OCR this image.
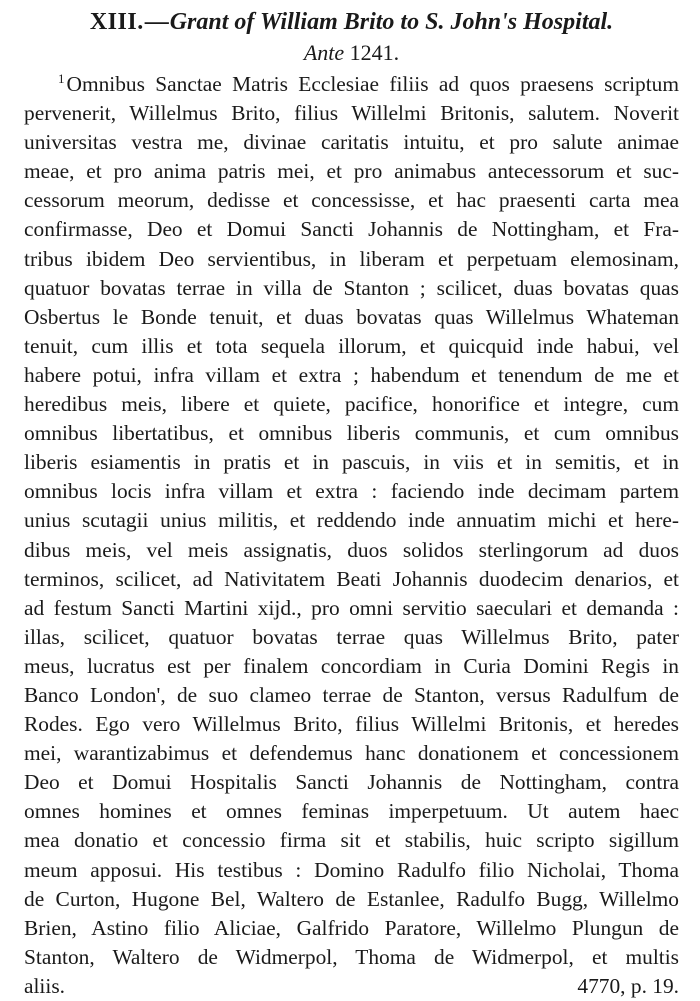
XIII.—Grant of William Brito to S. John's Hospital.

Ante 1241.

$^1$Omnibus Sanctae Matris Ecclesiae filiis ad quos praesens scriptum
pervenerit, Willelmus Brito, filius Willelmi Britonis, salutem. Noverit
universitas vestra me, divinae caritatis intuitu, et pro salute animae
meae, et pro anima patris mei, et pro animabus antecessorum et suc-
cessorum meorum, dedisse et concessisse, et hac praesenti carta mea
confirmasse, Deo et Domui Sancti Johannis de Nottingham, et Fra-
tribus ibidem Deo servientibus, in liberam et perpetuam elemosinam,
quatuor bovatas terrae in villa de Stanton ; scilicet, duas bovatas quas
Osbertus le Bonde tenuit, et duas bovatas quas Willelmus Whateman
tenuit, cum illis et tota sequela illorum, et quicquid inde habui, vel
habere potui, infra villam et extra ; habendum et tenendum de me et
heredibus meis, libere et quiete, pacifice, honorifice et integre, cum
omnibus libertatibus, et omnibus liberis communis, et cum omnibus
liberis esiamentis in pratis et in pascuis, in viis et in semitis, et in
omnibus locis infra villam et extra : faciendo inde decimam partem
unius scutagii unius militis, et reddendo inde annuatim michi et here-
dibus meis, vel meis assignatis, duos solidos sterlingorum ad duos
terminos, scilicet, ad Nativitatem Beati Johannis duodecim denarios, et
ad festum Sancti Martini xijd., pro omni servitio saeculari et demanda :
illas, scilicet, quatuor bovatas terrae quas Willelmus Brito, pater
meus, lucratus est per finalem concordiam in Curia Domini Regis in
Banco London', de suo clameo terrae de Stanton, versus Radulfum de
Rodes. Ego vero Willelmus Brito, filius Willelmi Britonis, et heredes
mei, warantizabimus et defendemus hanc donationem et concessionem
Deo et Domui Hospitalis Sancti Johannis de Nottingham, contra
omnes homines et omnes feminas imperpetuum. Ut autem haec
mea donatio et concessio firma sit et stabilis, huic scripto sigillum
meum apposui. His testibus : Domino Radulfo filio Nicholai, Thoma
de Curton, Hugone Bel, Waltero de Estanlee, Radulfo Bugg, Willelmo
Brien, Astino filio Aliciae, Galfrido Paratore, Willelmo Plungun de
Stanton, Waltero de Widmerpol, Thoma de Widmerpol, et multis
aliis.	4770, p. 19.
